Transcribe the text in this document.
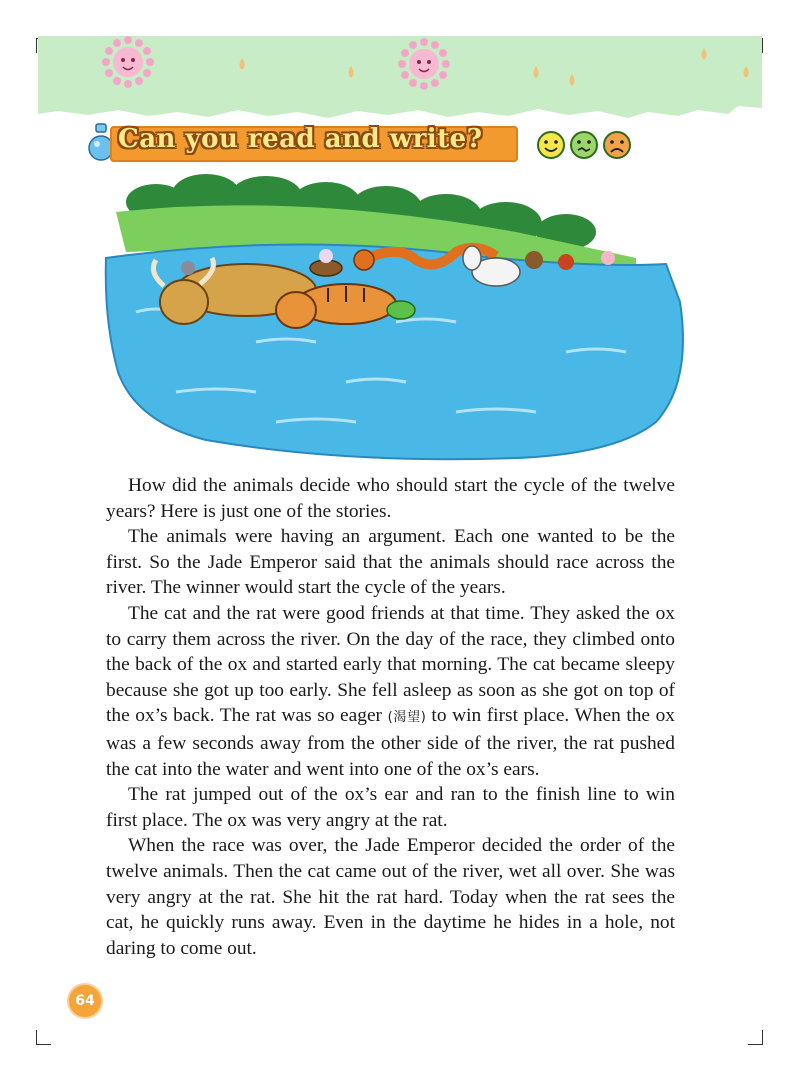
Can you read and write?

How did the animals decide who should start the cycle of the twelve years? Here is just one of the stories.

The animals were having an argument. Each one wanted to be the first. So the Jade Emperor said that the animals should race across the river. The winner would start the cycle of the years.

The cat and the rat were good friends at that time. They asked the ox to carry them across the river. On the day of the race, they climbed onto the back of the ox and started early that morning. The cat became sleepy because she got up too early. She fell asleep as soon as she got on top of the ox’s back. The rat was so eager (渴望) to win first place. When the ox was a few seconds away from the other side of the river, the rat pushed the cat into the water and went into one of the ox’s ears.

The rat jumped out of the ox’s ear and ran to the finish line to win first place. The ox was very angry at the rat.

When the race was over, the Jade Emperor decided the order of the twelve animals. Then the cat came out of the river, wet all over. She was very angry at the rat. She hit the rat hard. Today when the rat sees the cat, he quickly runs away. Even in the daytime he hides in a hole, not daring to come out.

64
